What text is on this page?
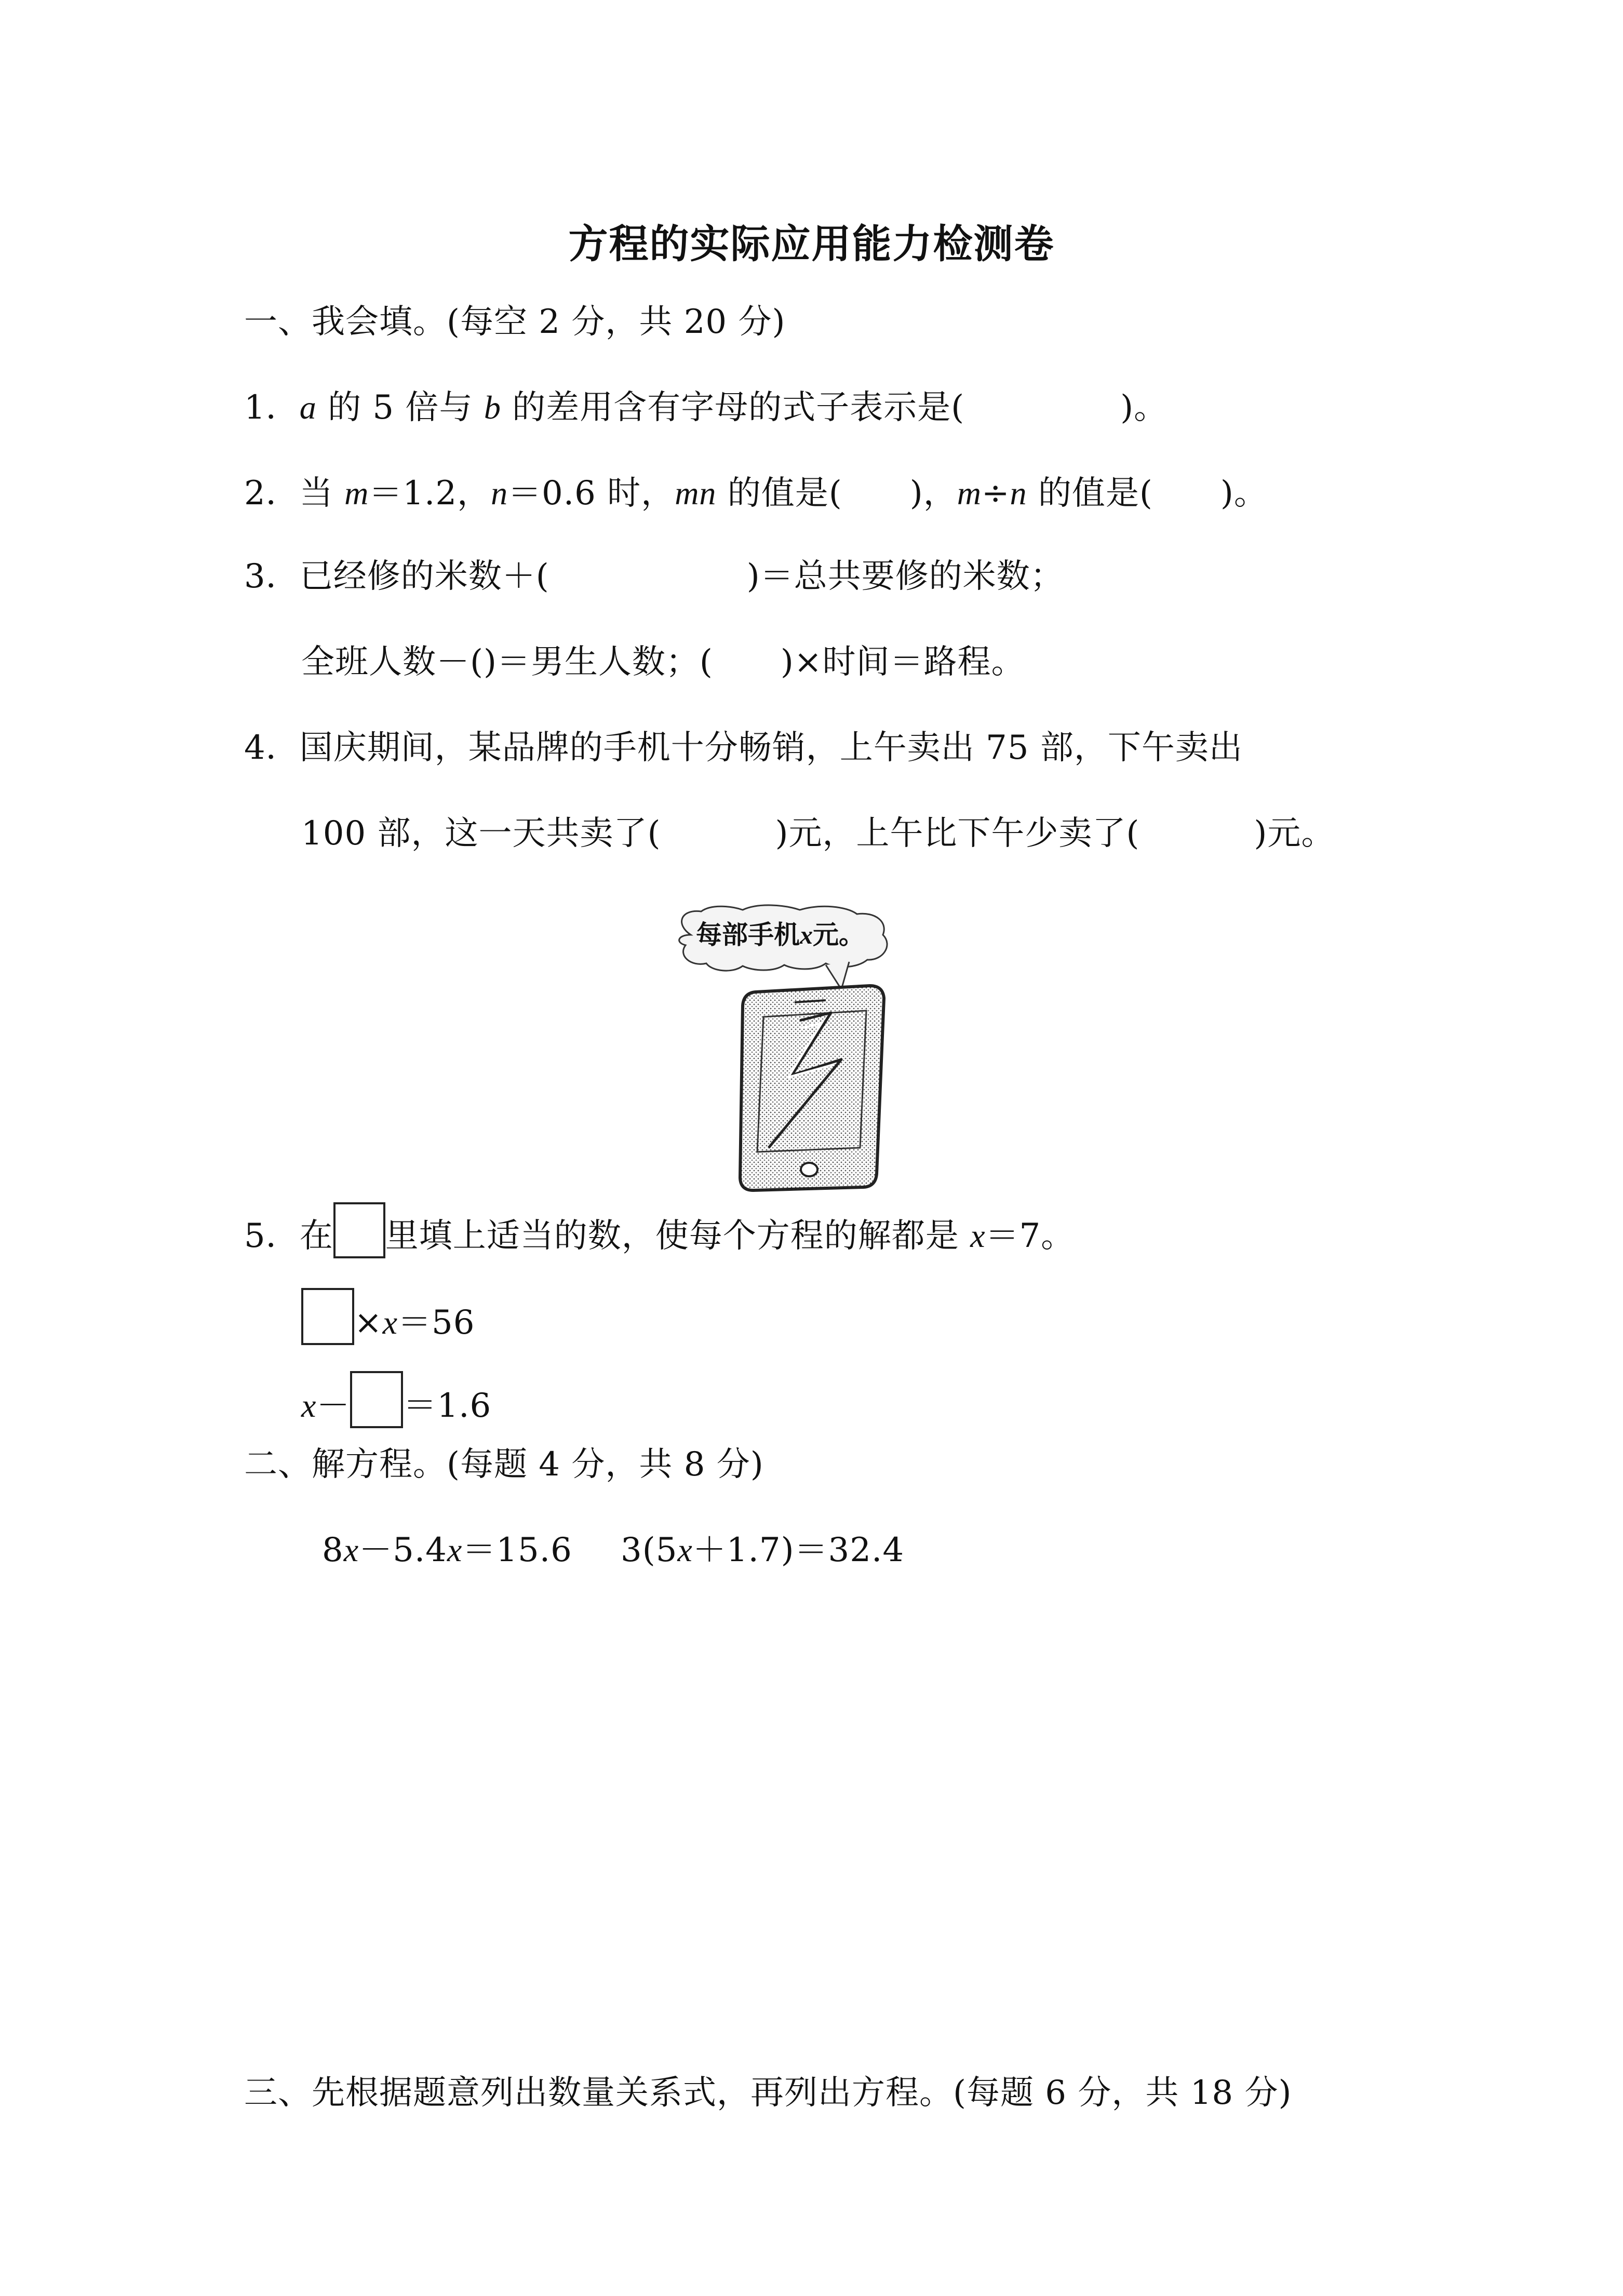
方程的实际应用能力检测卷
一、我会填。(每空 2 分，共 20 分)
1．a 的 5 倍与 b 的差用含有字母的式子表示是(	)。
2．当 m＝1.2，n＝0.6 时，mn 的值是( )，m÷n 的值是( )。
3．已经修的米数＋(	)＝总共要修的米数；
全班人数－()＝男生人数；( )×时间＝路程。
4．国庆期间，某品牌的手机十分畅销，上午卖出 75 部，下午卖出
100 部，这一天共卖了(	)元，上午比下午少卖了(	)元。
每部手机x元。
5．在 里填上适当的数，使每个方程的解都是 x＝7。
×x＝56
x－ ＝1.6
二、解方程。(每题 4 分，共 8 分)
8x－5.4x＝15.6 3(5x＋1.7)＝32.4
三、先根据题意列出数量关系式，再列出方程。(每题 6 分，共 18 分)
